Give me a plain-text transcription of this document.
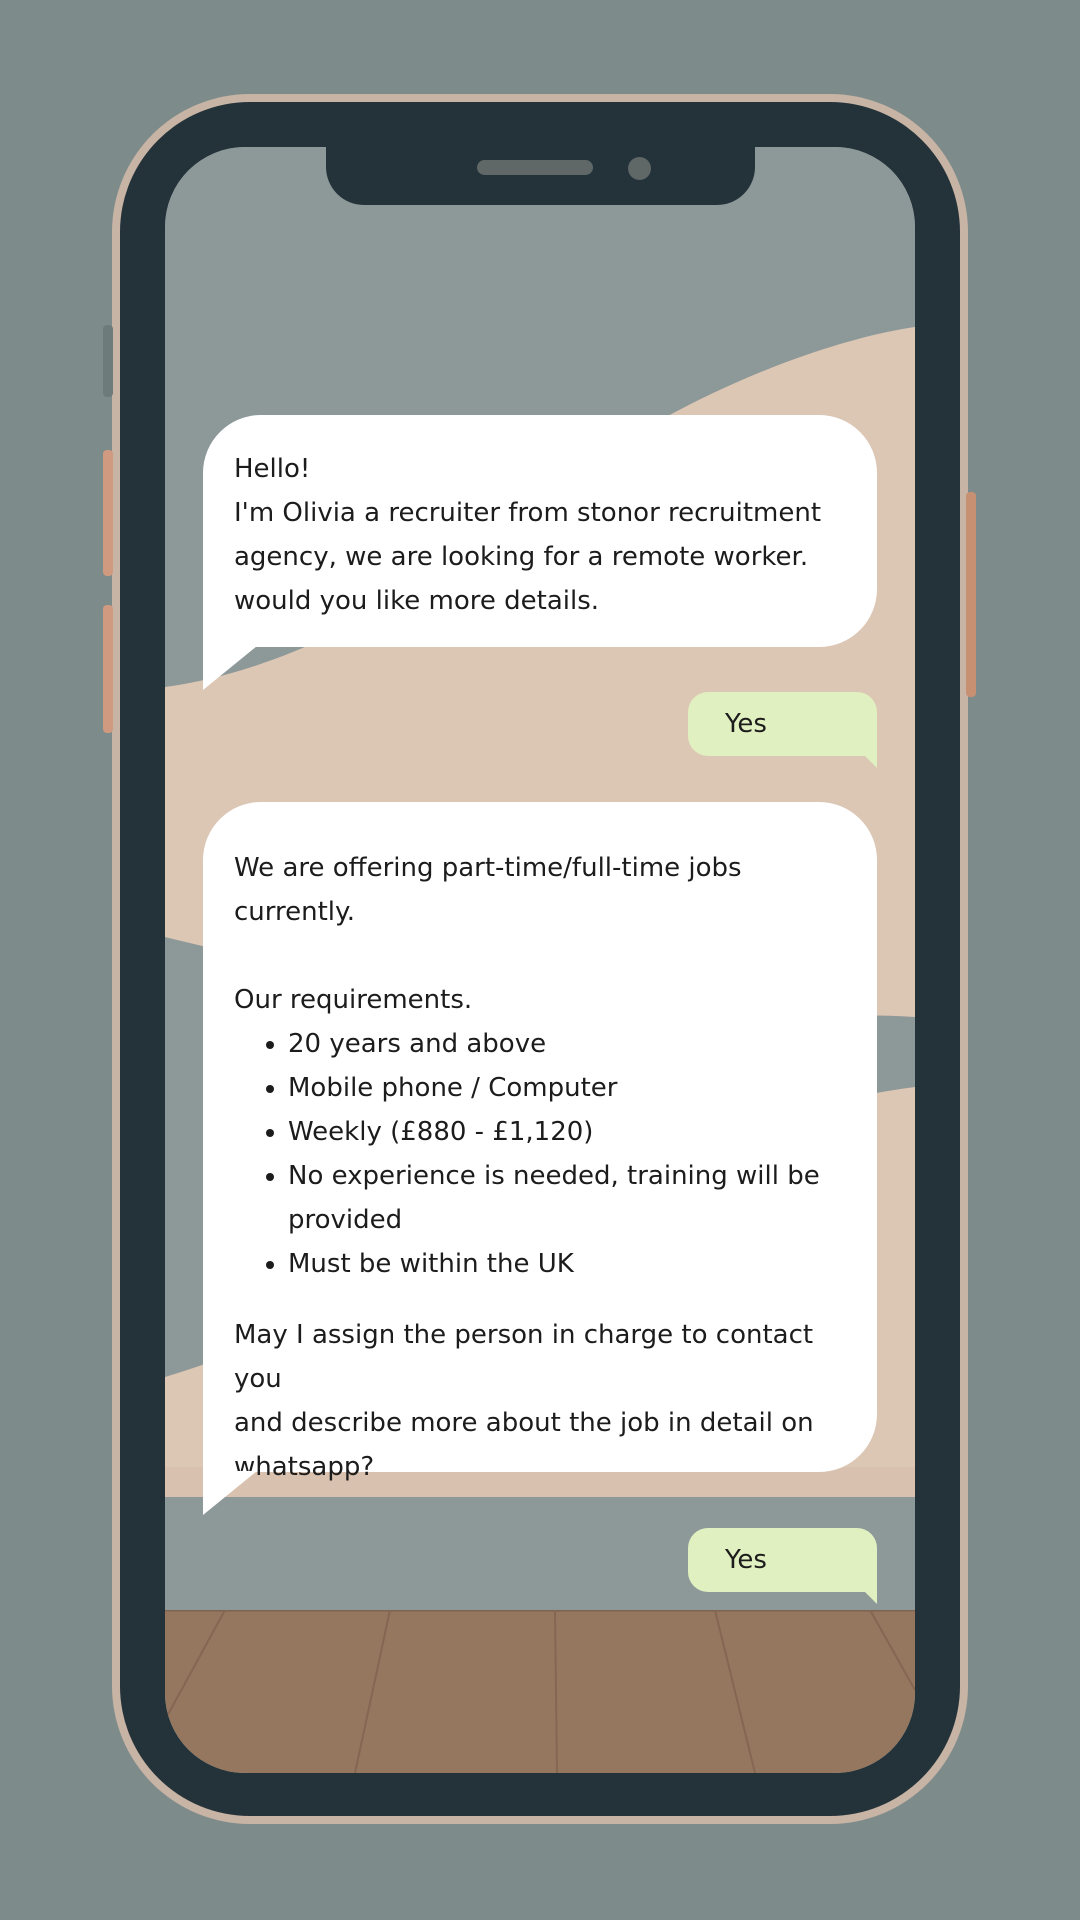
Hello!
I'm Olivia a recruiter from stonor recruitment
agency, we are looking for a remote worker.
would you like more details.
Yes
We are offering part-time/full-time jobs
currently.
Our requirements.
• 20 years and above
• Mobile phone / Computer
• Weekly (£880 - £1,120)
• No experience is needed, training will be provided
• Must be within the UK
May I assign the person in charge to contact you
and describe more about the job in detail on
whatsapp?
Yes
